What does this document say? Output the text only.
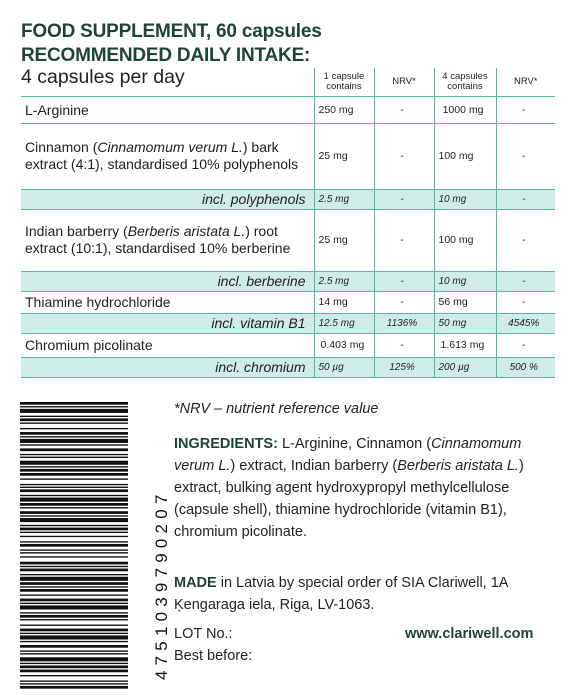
FOOD SUPPLEMENT, 60 capsules
RECOMMENDED DAILY INTAKE:
4 capsules per day
		1 capsule contains	NRV*	4 capsules contains	NRV*
L-Arginine	250 mg	-	1000 mg	-
Cinnamon (Cinnamomum verum L.) bark extract (4:1), standardised 10% polyphenols	25 mg	-	100 mg	-
incl. polyphenols	2.5 mg	-	10 mg	-
Indian barberry (Berberis aristata L.) root extract (10:1), standardised 10% berberine	25 mg	-	100 mg	-
incl. berberine	2.5 mg	-	10 mg	-
Thiamine hydrochloride	14 mg	-	56 mg	-
incl. vitamin B1	12.5 mg	1136%	50 mg	4545%
Chromium picolinate	0.403 mg	-	1.613 mg	-
incl. chromium	50 µg	125%	200 µg	500 %
4751039790207
*NRV – nutrient reference value
INGREDIENTS: L-Arginine, Cinnamon (Cinnamomum verum L.) extract, Indian barberry (Berberis aristata L.) extract, bulking agent hydroxypropyl methylcellulose (capsule shell), thiamine hydrochloride (vitamin B1), chromium picolinate.
MADE in Latvia by special order of SIA Clariwell, 1A Ķengaraga iela, Riga, LV-1063.
LOT No.:
Best before:
www.clariwell.com
